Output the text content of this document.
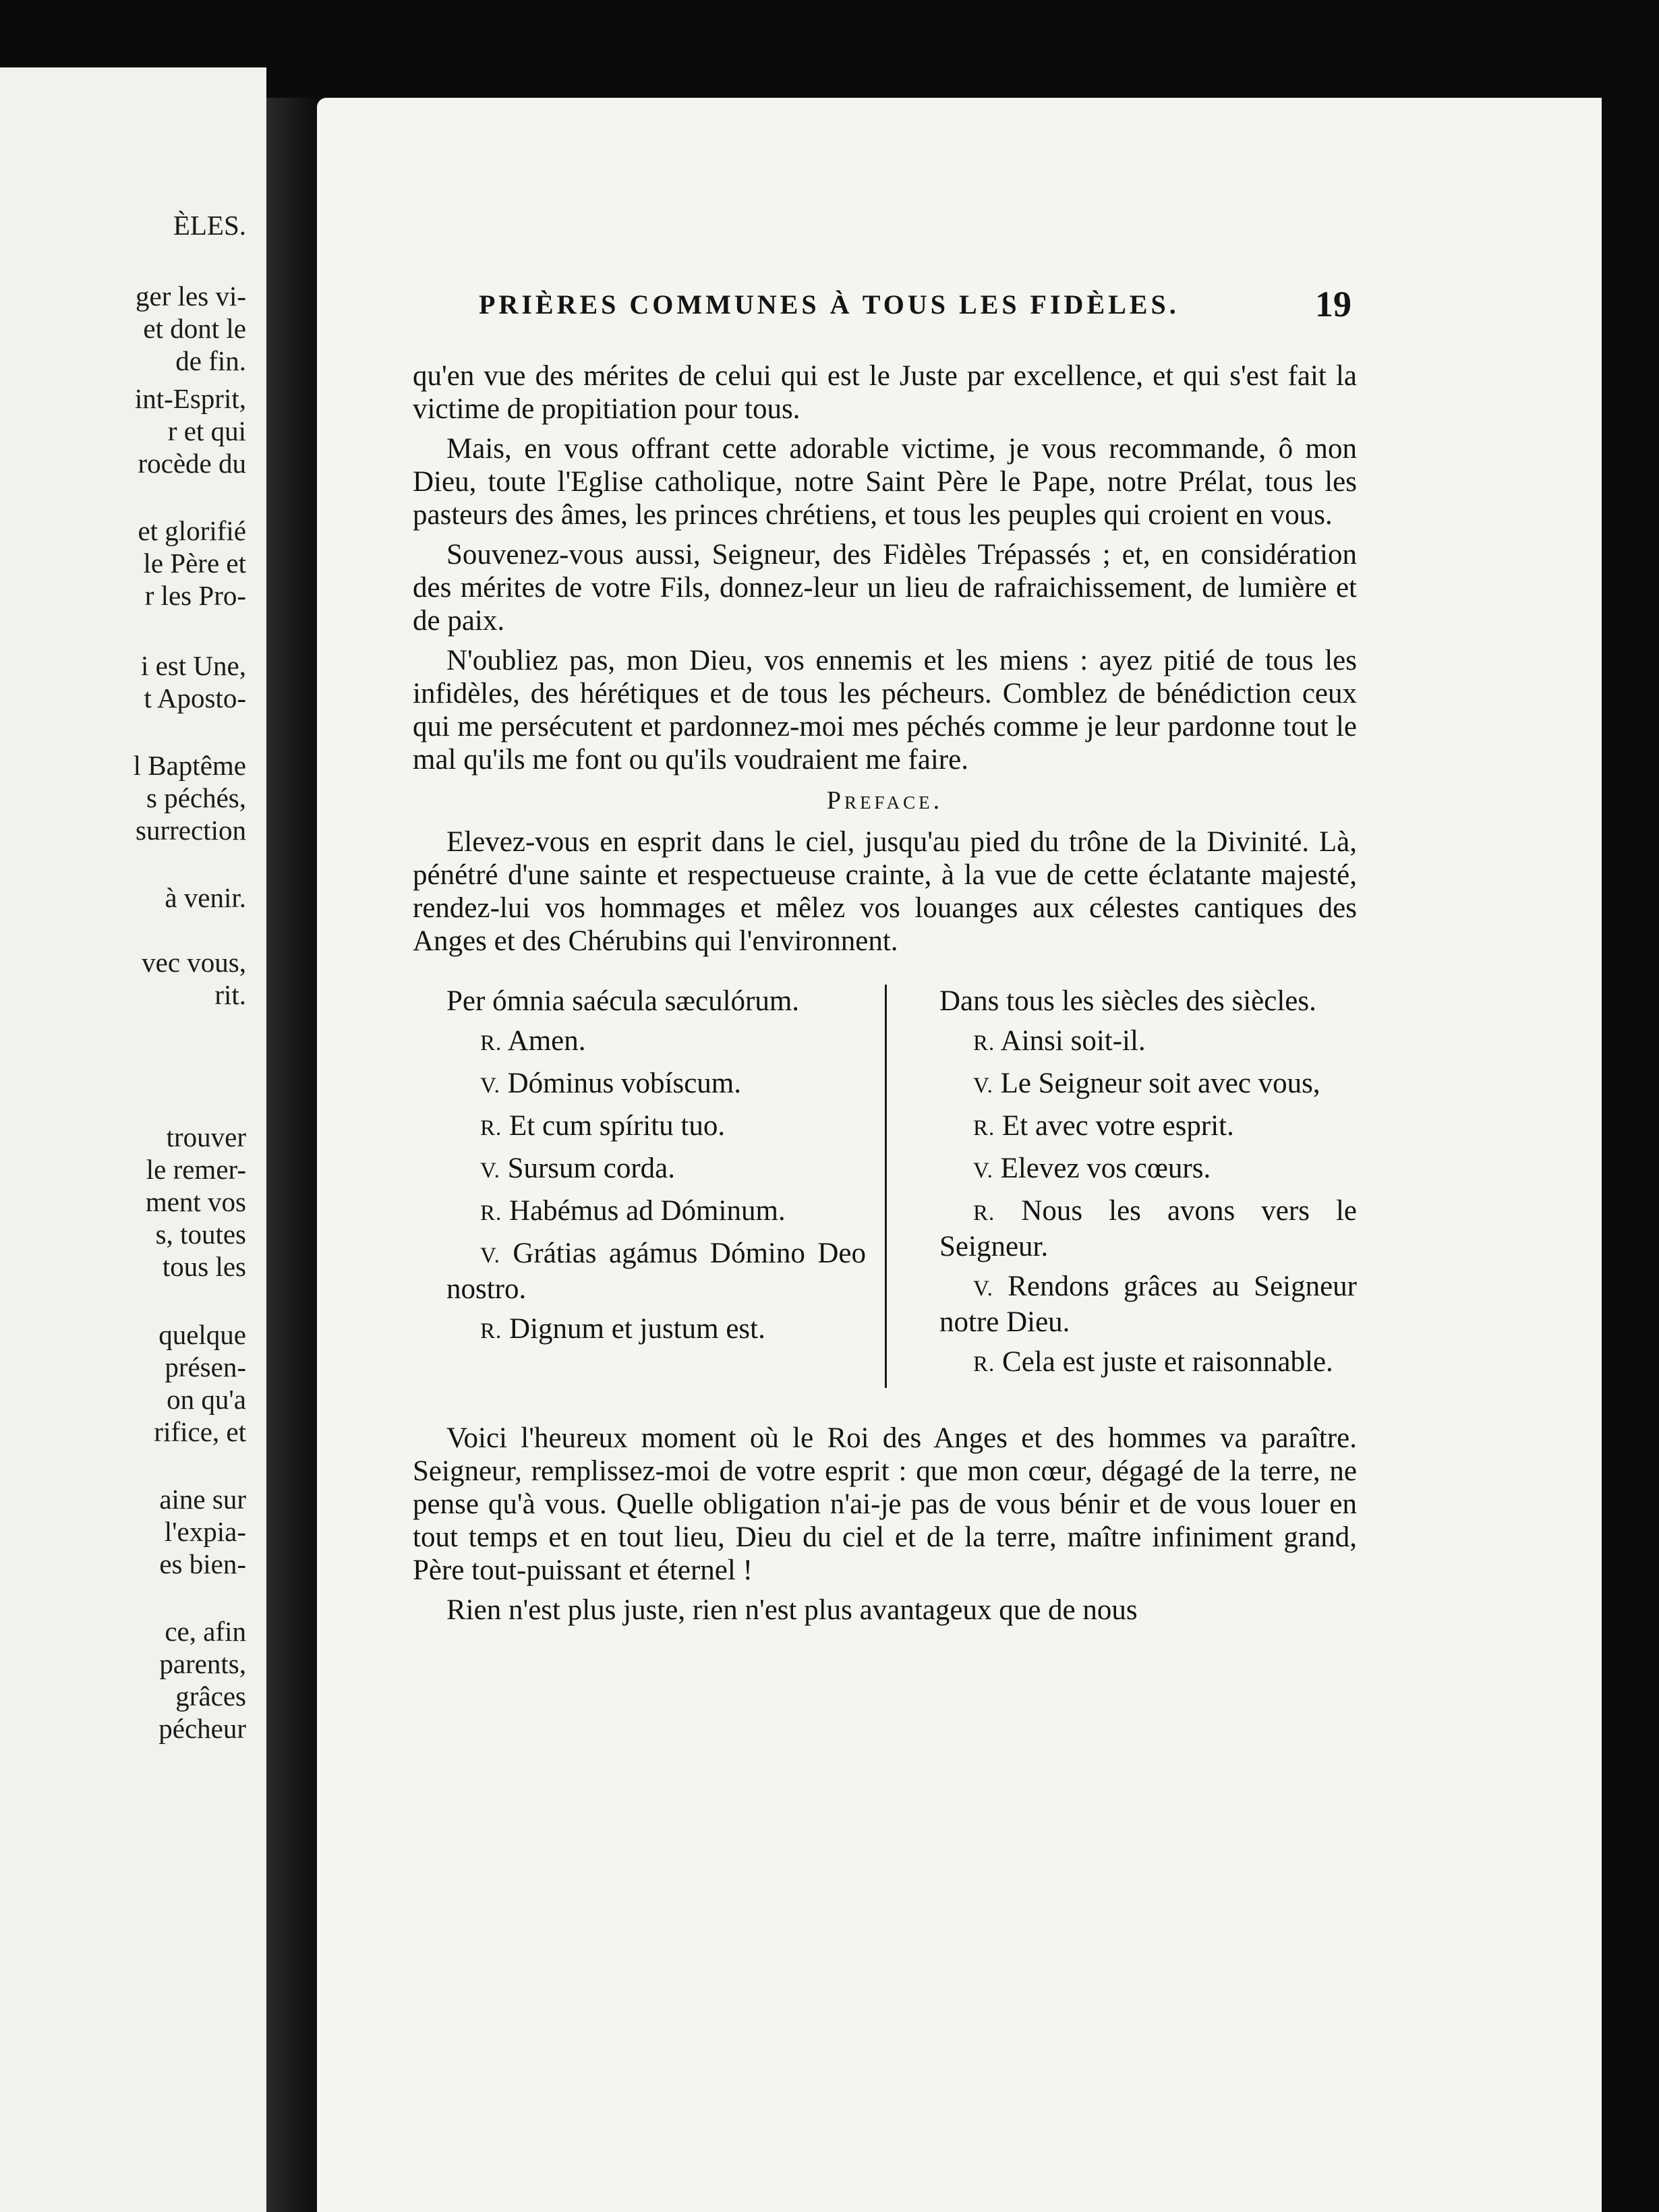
ÈLES.
ger les vi-
et dont le
de fin.
int-Esprit,
r et qui
rocède du
et glorifié
le Père et
r les Pro-
i est Une,
t Aposto-
l Baptême
s péchés,
surrection
à venir.
vec vous,
rit.
trouver
le remer-
ment vos
s, toutes
tous les
quelque
présen-
on qu'a
rifice, et
aine sur
l'expia-
es bien-
ce, afin
parents,
grâces
pécheur
PRIÈRES COMMUNES À TOUS LES FIDÈLES.	19

qu'en vue des mérites de celui qui est le Juste par excellence, et qui s'est fait la victime de propitiation pour tous.

Mais, en vous offrant cette adorable victime, je vous recommande, ô mon Dieu, toute l'Eglise catholique, notre Saint Père le Pape, notre Prélat, tous les pasteurs des âmes, les princes chrétiens, et tous les peuples qui croient en vous.

Souvenez-vous aussi, Seigneur, des Fidèles Trépassés ; et, en considération des mérites de votre Fils, donnez-leur un lieu de rafraichissement, de lumière et de paix.

N'oubliez pas, mon Dieu, vos ennemis et les miens : ayez pitié de tous les infidèles, des hérétiques et de tous les pécheurs. Comblez de bénédiction ceux qui me persécutent et pardonnez-moi mes péchés comme je leur pardonne tout le mal qu'ils me font ou qu'ils voudraient me faire.

Preface.

Elevez-vous en esprit dans le ciel, jusqu'au pied du trône de la Divinité. Là, pénétré d'une sainte et respectueuse crainte, à la vue de cette éclatante majesté, rendez-lui vos hommages et mêlez vos louanges aux célestes cantiques des Anges et des Chérubins qui l'environnent.

Per ómnia saécula sæculórum.

R. Amen.

V. Dóminus vobíscum.

R. Et cum spíritu tuo.

V. Sursum corda.

R. Habémus ad Dóminum.

V. Grátias agámus Dómino Deo nostro.

R. Dignum et justum est.

Dans tous les siècles des siècles.

R. Ainsi soit-il.

V. Le Seigneur soit avec vous,

R. Et avec votre esprit.

V. Elevez vos cœurs.

R. Nous les avons vers le Seigneur.

V. Rendons grâces au Seigneur notre Dieu.

R. Cela est juste et raisonnable.

Voici l'heureux moment où le Roi des Anges et des hommes va paraître. Seigneur, remplissez-moi de votre esprit : que mon cœur, dégagé de la terre, ne pense qu'à vous. Quelle obligation n'ai-je pas de vous bénir et de vous louer en tout temps et en tout lieu, Dieu du ciel et de la terre, maître infiniment grand, Père tout-puissant et éternel !

Rien n'est plus juste, rien n'est plus avantageux que de nous
